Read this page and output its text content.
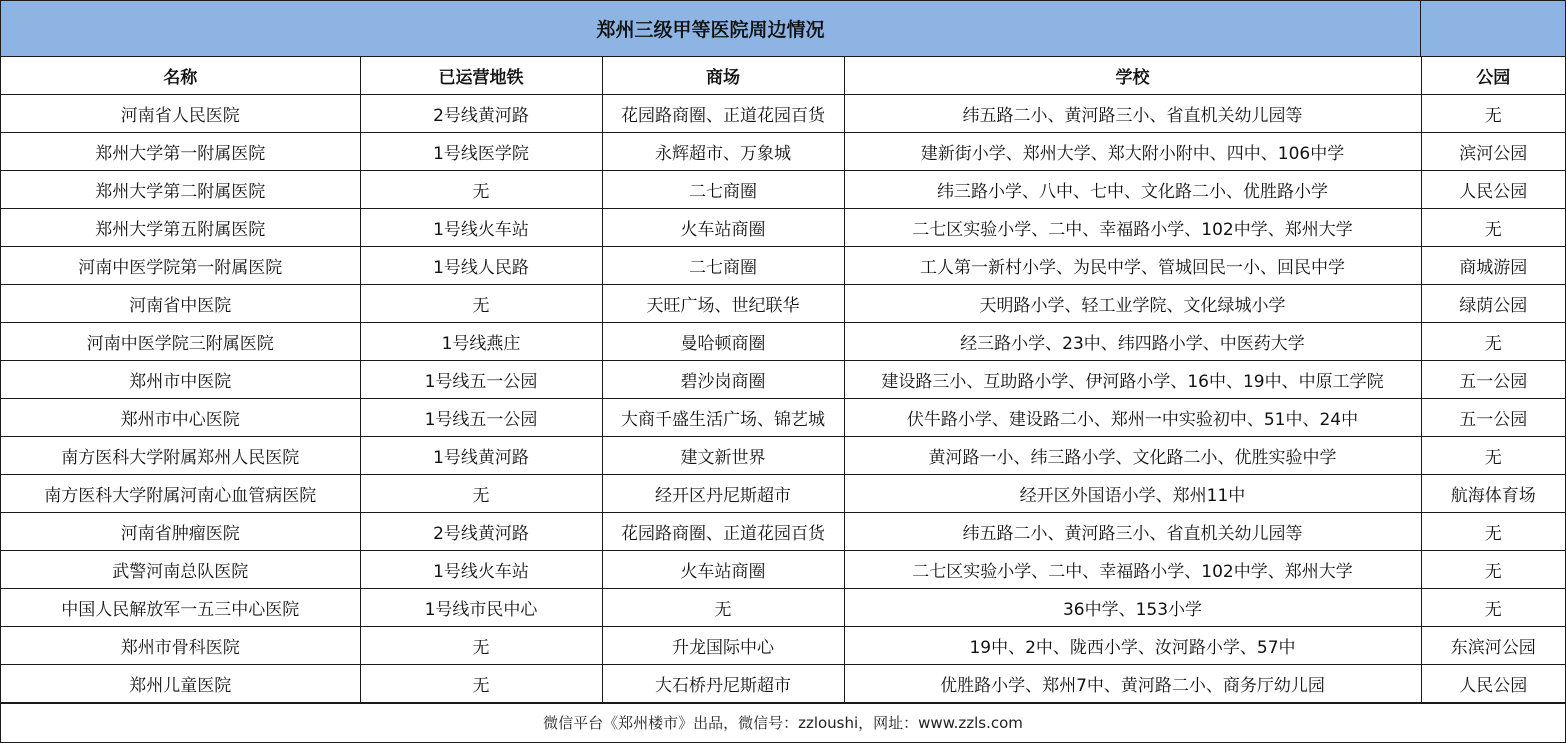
郑州三级甲等医院周边情况
名称	已运营地铁	商场	学校	公园
河南省人民医院	2号线黄河路	花园路商圈、正道花园百货	纬五路二小、黄河路三小、省直机关幼儿园等	无
郑州大学第一附属医院	1号线医学院	永辉超市、万象城	建新街小学、郑州大学、郑大附小附中、四中、106中学	滨河公园
郑州大学第二附属医院	无	二七商圈	纬三路小学、八中、七中、文化路二小、优胜路小学	人民公园
郑州大学第五附属医院	1号线火车站	火车站商圈	二七区实验小学、二中、幸福路小学、102中学、郑州大学	无
河南中医学院第一附属医院	1号线人民路	二七商圈	工人第一新村小学、为民中学、管城回民一小、回民中学	商城游园
河南省中医院	无	天旺广场、世纪联华	天明路小学、轻工业学院、文化绿城小学	绿荫公园
河南中医学院三附属医院	1号线燕庄	曼哈顿商圈	经三路小学、23中、纬四路小学、中医药大学	无
郑州市中医院	1号线五一公园	碧沙岗商圈	建设路三小、互助路小学、伊河路小学、16中、19中、中原工学院	五一公园
郑州市中心医院	1号线五一公园	大商千盛生活广场、锦艺城	伏牛路小学、建设路二小、郑州一中实验初中、51中、24中	五一公园
南方医科大学附属郑州人民医院	1号线黄河路	建文新世界	黄河路一小、纬三路小学、文化路二小、优胜实验中学	无
南方医科大学附属河南心血管病医院	无	经开区丹尼斯超市	经开区外国语小学、郑州11中	航海体育场
河南省肿瘤医院	2号线黄河路	花园路商圈、正道花园百货	纬五路二小、黄河路三小、省直机关幼儿园等	无
武警河南总队医院	1号线火车站	火车站商圈	二七区实验小学、二中、幸福路小学、102中学、郑州大学	无
中国人民解放军一五三中心医院	1号线市民中心	无	36中学、153小学	无
郑州市骨科医院	无	升龙国际中心	19中、2中、陇西小学、汝河路小学、57中	东滨河公园
郑州儿童医院	无	大石桥丹尼斯超市	优胜路小学、郑州7中、黄河路二小、商务厅幼儿园	人民公园
微信平台《郑州楼市》出品，微信号：zzloushi，网址：www.zzls.com
